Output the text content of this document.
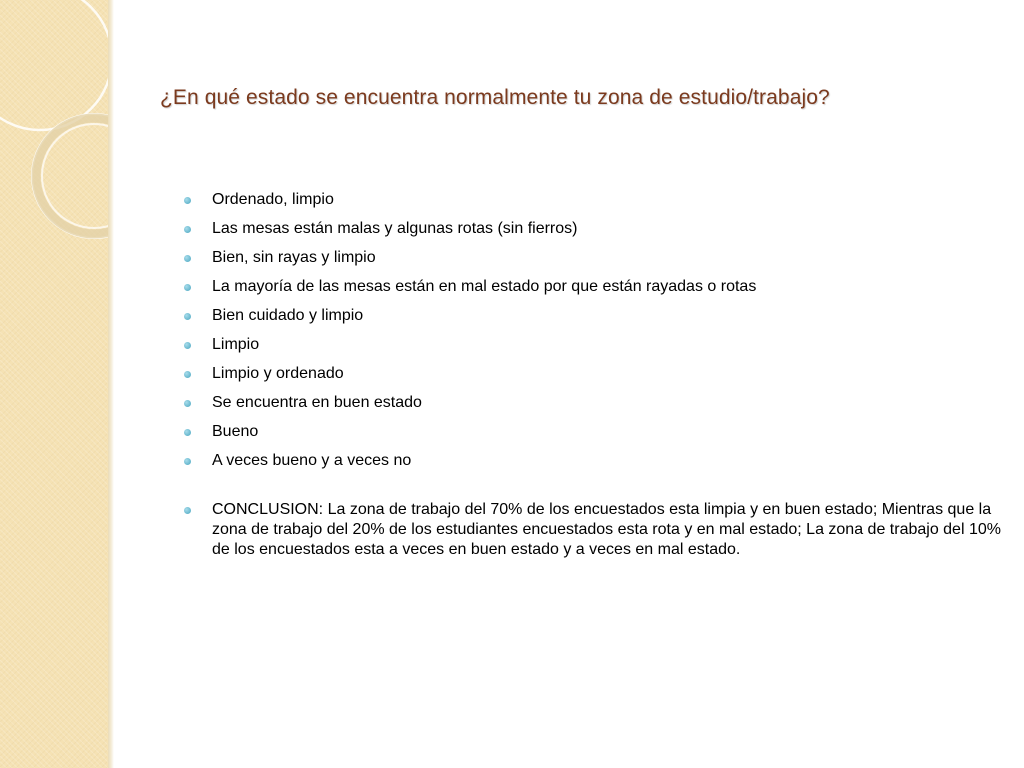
¿En qué estado se encuentra normalmente tu zona de estudio/trabajo?
Ordenado, limpio
Las mesas están malas y algunas rotas (sin fierros)
Bien, sin rayas y limpio
La mayoría de las mesas están en mal estado por que están rayadas o rotas
Bien cuidado y limpio
Limpio
Limpio y ordenado
Se encuentra en buen estado
Bueno
A veces bueno y a veces no
CONCLUSION: La zona de trabajo del 70% de los encuestados esta limpia y en buen estado; Mientras que la zona de trabajo del 20% de los estudiantes encuestados esta rota y en mal estado; La zona de trabajo del 10% de los encuestados esta a veces en buen estado y a veces en mal estado.
